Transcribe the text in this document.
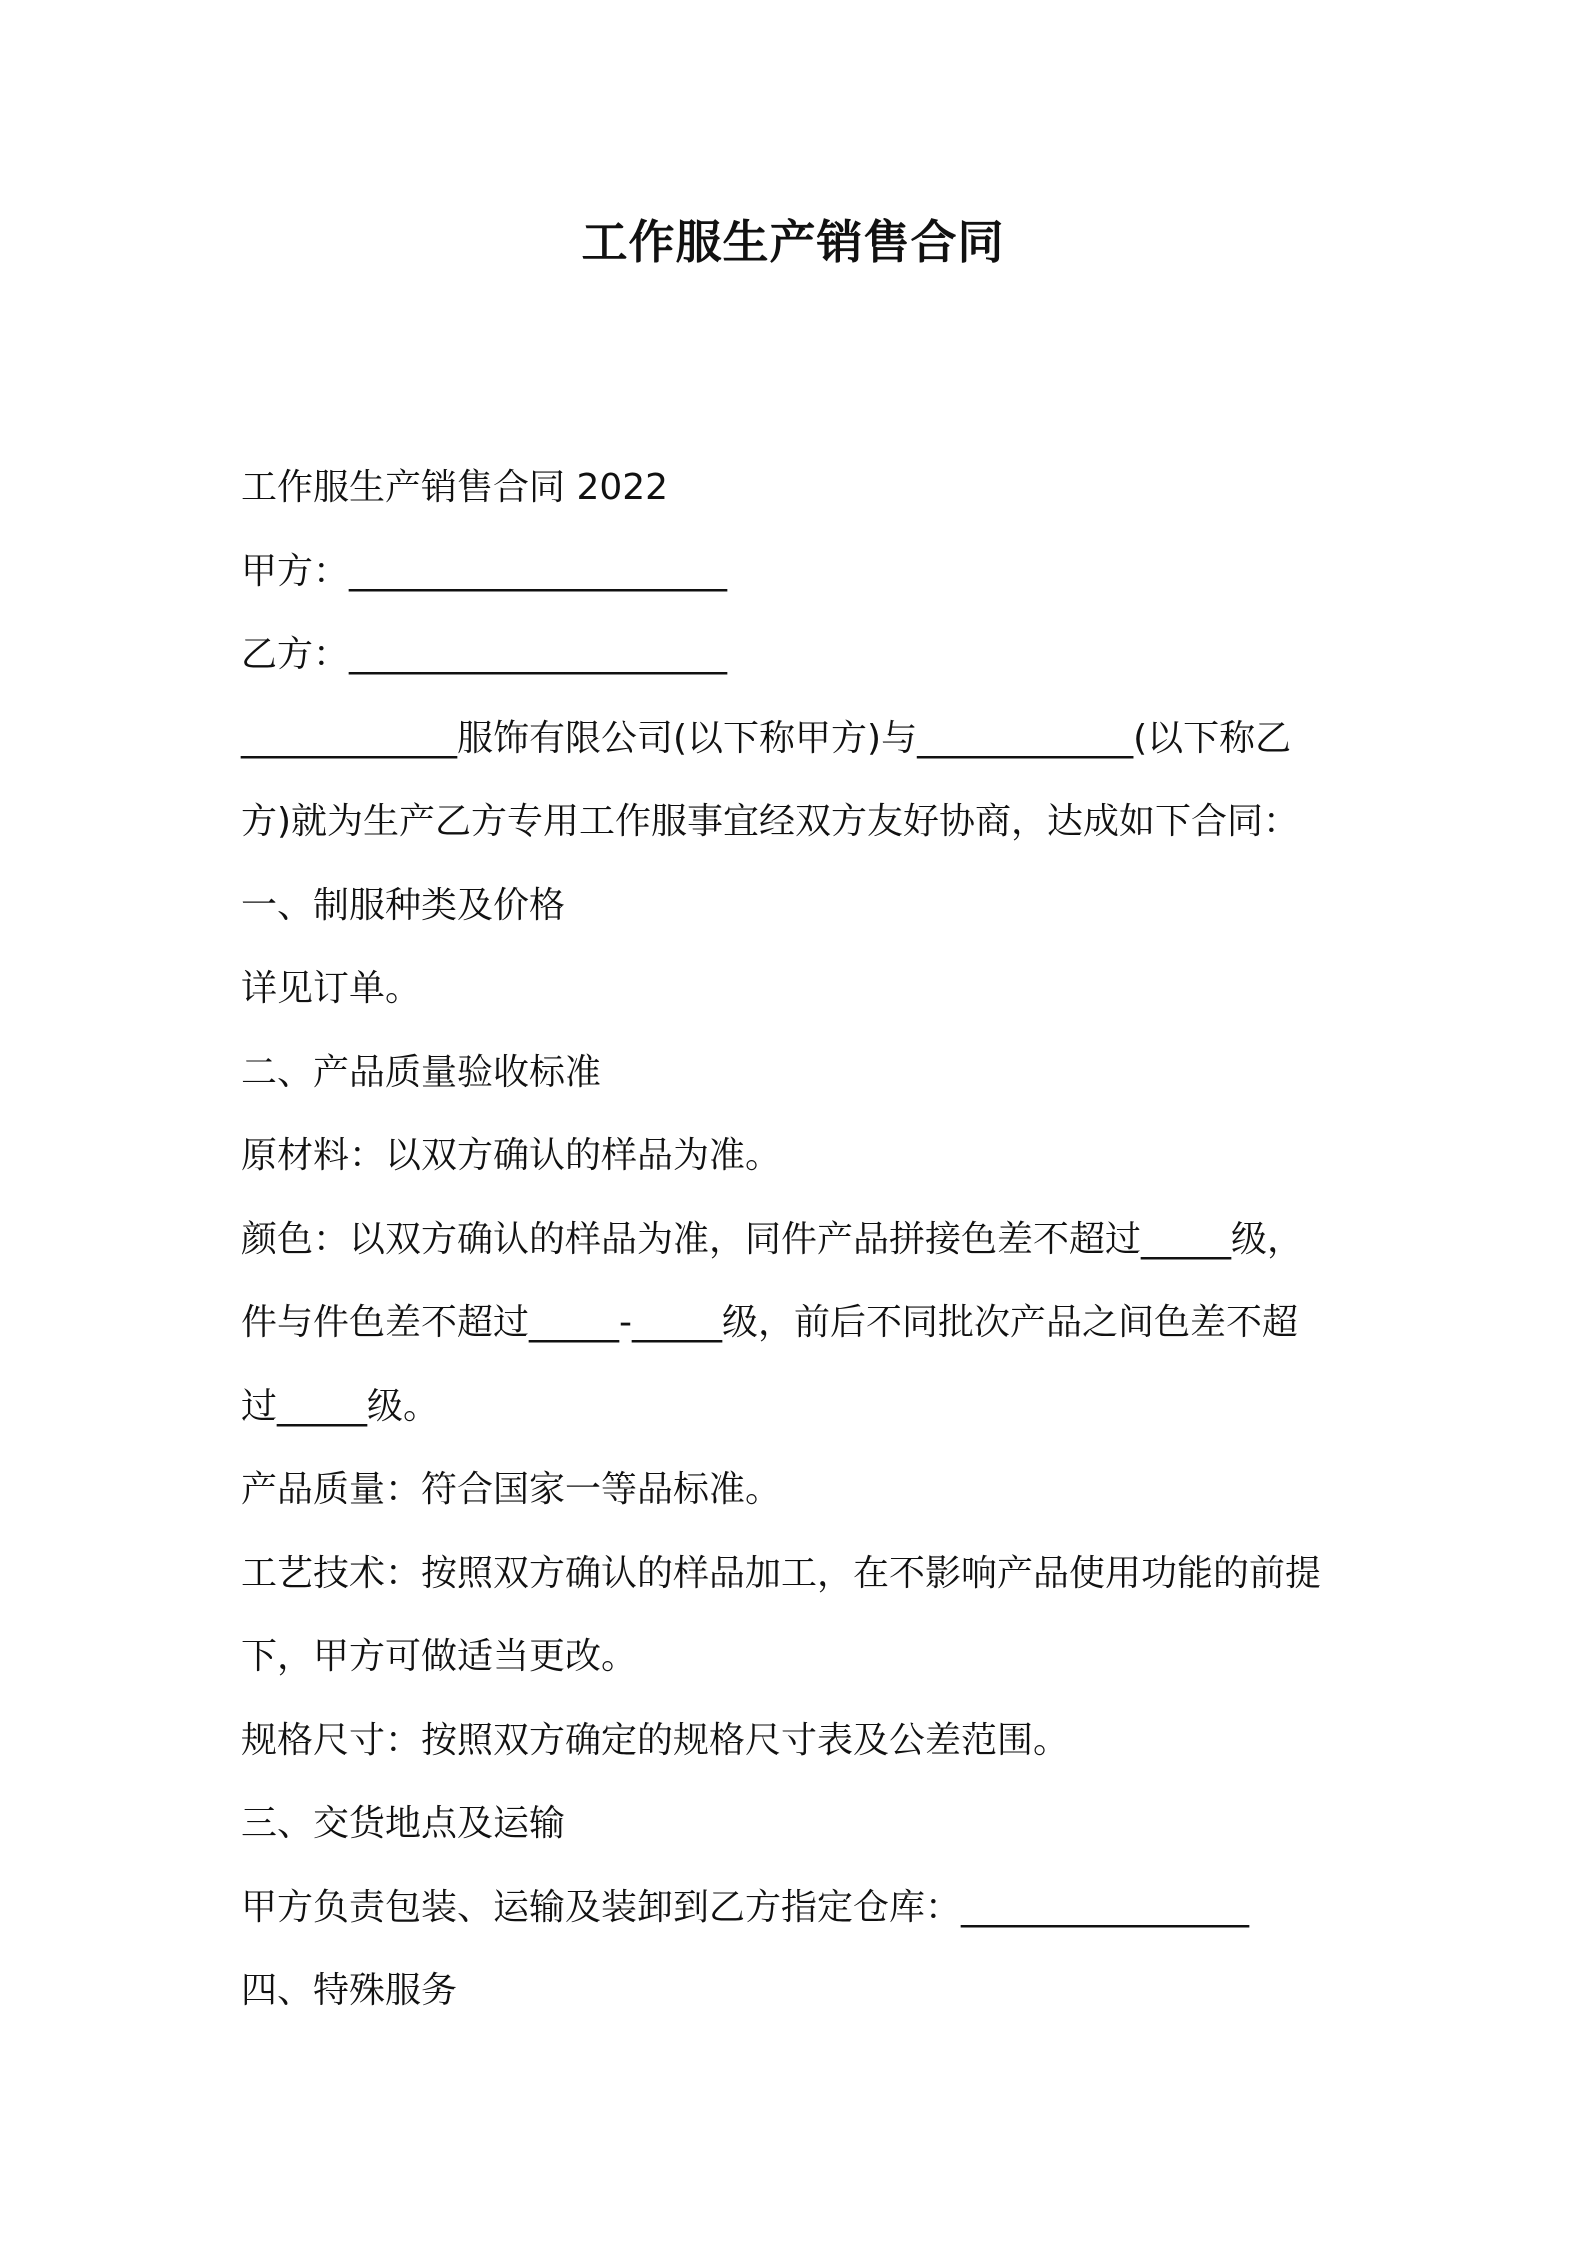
工作服生产销售合同

工作服生产销售合同 2022

甲方：_____________________

乙方：_____________________

____________服饰有限公司(以下称甲方)与____________(以下称乙

方)就为生产乙方专用工作服事宜经双方友好协商，达成如下合同：

一、制服种类及价格

详见订单。

二、产品质量验收标准

原材料：以双方确认的样品为准。

颜色：以双方确认的样品为准，同件产品拼接色差不超过_____级，

件与件色差不超过_____-_____级，前后不同批次产品之间色差不超

过_____级。

产品质量：符合国家一等品标准。

工艺技术：按照双方确认的样品加工，在不影响产品使用功能的前提

下，甲方可做适当更改。

规格尺寸：按照双方确定的规格尺寸表及公差范围。

三、交货地点及运输

甲方负责包装、运输及装卸到乙方指定仓库：________________

四、特殊服务
